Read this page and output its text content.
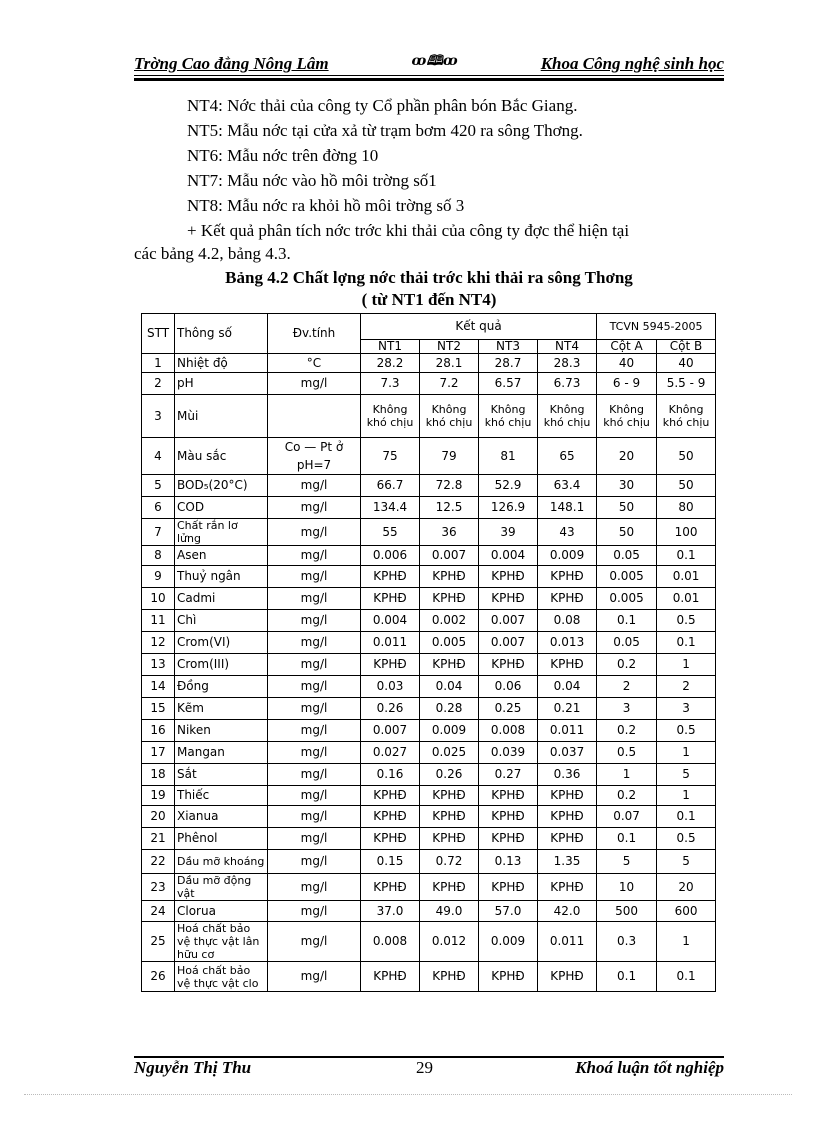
Trờng Cao đẳng Nông Lâm	ꝏ🕮ꝏ	Khoa Công nghệ sinh học
NT4: Nớc thải của công ty Cổ phần phân bón Bắc Giang.
NT5: Mẫu nớc tại cửa xả từ trạm bơm 420 ra sông Thơng.
NT6: Mẫu nớc trên đờng 10
NT7: Mẫu nớc vào hồ môi trờng số1
NT8: Mẫu nớc ra khỏi hồ môi trờng số 3
+ Kết quả phân tích nớc trớc khi thải của công ty đợc thể hiện tại
các bảng 4.2, bảng 4.3.
Bảng 4.2 Chất lợng nớc thải trớc khi thải ra sông Thơng
( từ NT1 đến NT4)
STT	Thông số	Đv.tính	Kết quả				TCVN 5945-2005	
			NT1	NT2	NT3	NT4	Cột A	Cột B
1	Nhiệt độ	°C	28.2	28.1	28.7	28.3	40	40
2	pH	mg/l	7.3	7.2	6.57	6.73	6 - 9	5.5 - 9
3	Mùi		Không khó chịu	Không khó chịu	Không khó chịu	Không khó chịu	Không khó chịu	Không khó chịu
4	Màu sắc	Co — Pt ở pH=7	75	79	81	65	20	50
5	BOD₅(20°C)	mg/l	66.7	72.8	52.9	63.4	30	50
6	COD	mg/l	134.4	12.5	126.9	148.1	50	80
7	Chất rắn lơ lửng	mg/l	55	36	39	43	50	100
8	Asen	mg/l	0.006	0.007	0.004	0.009	0.05	0.1
9	Thuỷ ngân	mg/l	KPHĐ	KPHĐ	KPHĐ	KPHĐ	0.005	0.01
10	Cadmi	mg/l	KPHĐ	KPHĐ	KPHĐ	KPHĐ	0.005	0.01
11	Chì	mg/l	0.004	0.002	0.007	0.08	0.1	0.5
12	Crom(VI)	mg/l	0.011	0.005	0.007	0.013	0.05	0.1
13	Crom(III)	mg/l	KPHĐ	KPHĐ	KPHĐ	KPHĐ	0.2	1
14	Đồng	mg/l	0.03	0.04	0.06	0.04	2	2
15	Kẽm	mg/l	0.26	0.28	0.25	0.21	3	3
16	Niken	mg/l	0.007	0.009	0.008	0.011	0.2	0.5
17	Mangan	mg/l	0.027	0.025	0.039	0.037	0.5	1
18	Sắt	mg/l	0.16	0.26	0.27	0.36	1	5
19	Thiếc	mg/l	KPHĐ	KPHĐ	KPHĐ	KPHĐ	0.2	1
20	Xianua	mg/l	KPHĐ	KPHĐ	KPHĐ	KPHĐ	0.07	0.1
21	Phênol	mg/l	KPHĐ	KPHĐ	KPHĐ	KPHĐ	0.1	0.5
22	Dầu mỡ khoáng	mg/l	0.15	0.72	0.13	1.35	5	5
23	Dầu mỡ động vật	mg/l	KPHĐ	KPHĐ	KPHĐ	KPHĐ	10	20
24	Clorua	mg/l	37.0	49.0	57.0	42.0	500	600
25	Hoá chất bảo vệ thực vật lân hữu cơ	mg/l	0.008	0.012	0.009	0.011	0.3	1
26	Hoá chất bảo vệ thực vật clo	mg/l	KPHĐ	KPHĐ	KPHĐ	KPHĐ	0.1	0.1
Nguyễn Thị Thu	29	Khoá luận tốt nghiệp
